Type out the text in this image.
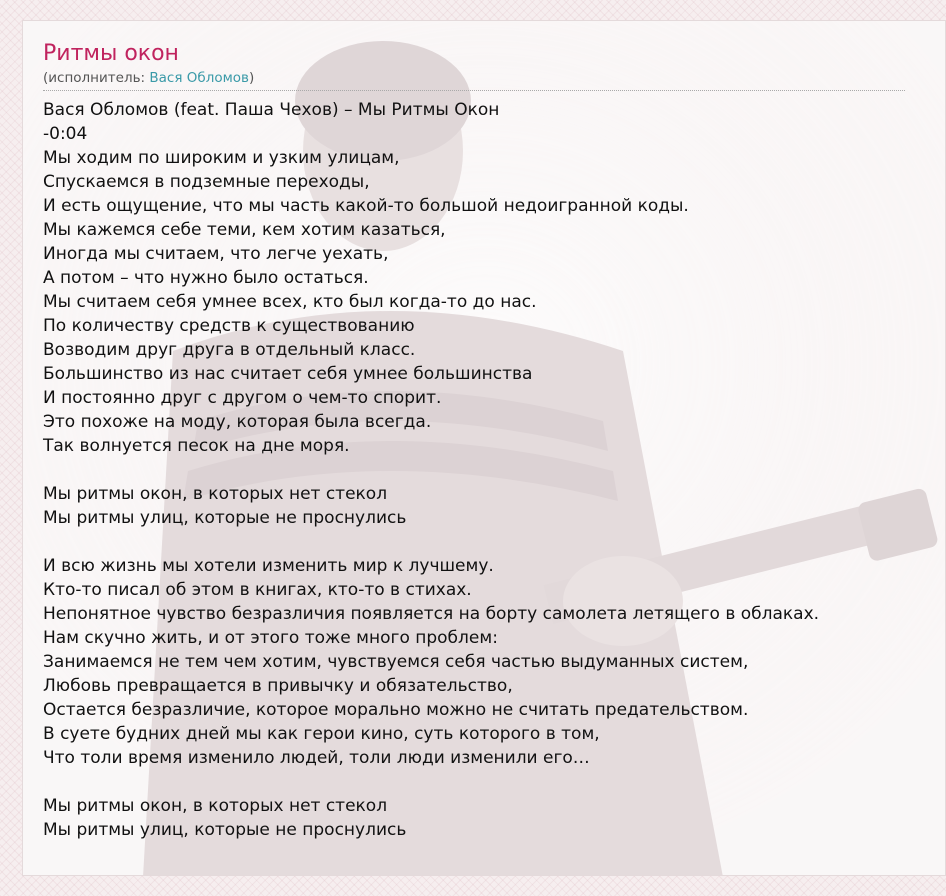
Ритмы окон
(исполнитель: Вася Обломов)
Вася Обломов (feat. Паша Чехов) – Мы Ритмы Окон
-0:04
Мы ходим по широким и узким улицам,
Спускаемся в подземные переходы,
И есть ощущение, что мы часть какой-то большой недоигранной коды.
Мы кажемся себе теми, кем хотим казаться,
Иногда мы считаем, что легче уехать,
А потом – что нужно было остаться.
Мы считаем себя умнее всех, кто был когда-то до нас.
По количеству средств к существованию
Возводим друг друга в отдельный класс.
Большинство из нас считает себя умнее большинства
И постоянно друг с другом о чем-то спорит.
Это похоже на моду, которая была всегда.
Так волнуется песок на дне моря.
Мы ритмы окон, в которых нет стекол
Мы ритмы улиц, которые не проснулись
И всю жизнь мы хотели изменить мир к лучшему.
Кто-то писал об этом в книгах, кто-то в стихах.
Непонятное чувство безразличия появляется на борту самолета летящего в облаках.
Нам скучно жить, и от этого тоже много проблем:
Занимаемся не тем чем хотим, чувствуемся себя частью выдуманных систем,
Любовь превращается в привычку и обязательство,
Остается безразличие, которое морально можно не считать предательством.
В суете будних дней мы как герои кино, суть которого в том,
Что толи время изменило людей, толи люди изменили его…
Мы ритмы окон, в которых нет стекол
Мы ритмы улиц, которые не проснулись
